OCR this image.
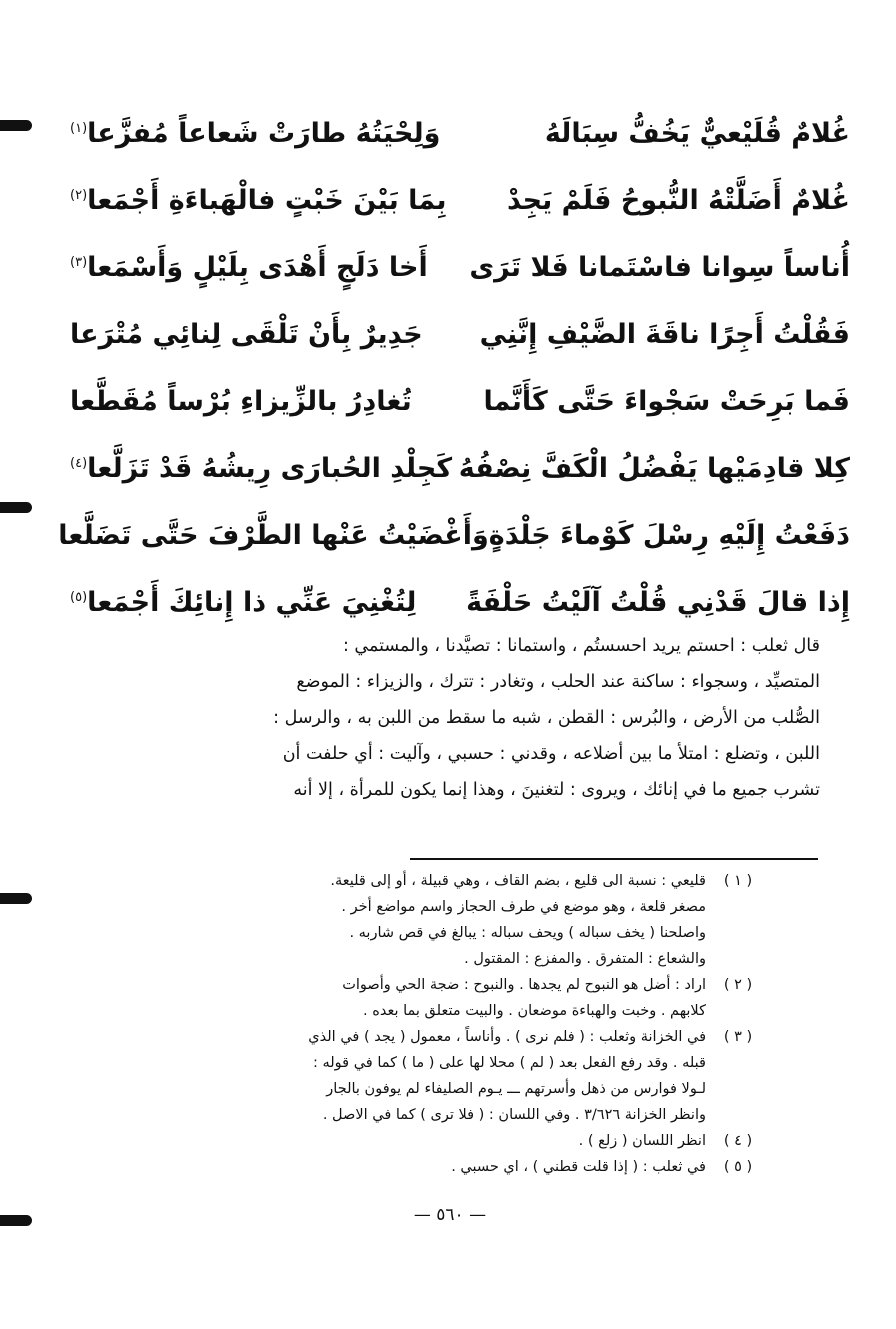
غُلامٌ قُلَيْعيٌّ يَخُفُّ سِبَالَهُ
وَلِحْيَتُهُ طارَتْ شَعاعاً مُفزَّعا$^{(١)}$
غُلامٌ أَضَلَّتْهُ النُّبوحُ فَلَمْ يَجِدْ
بِمَا بَيْنَ خَبْتٍ فالْهَباءَةِ أَجْمَعا$^{(٢)}$
أُناساً سِوانا فاسْتَمانا فَلا تَرَى
أَخا دَلَجٍ أَهْدَى بِلَيْلٍ وَأَسْمَعا$^{(٣)}$
فَقُلْتُ أَجِرًا ناقَةَ الضَّيْفِ إِنَّنِي
جَدِيرٌ بِأَنْ تَلْقَى لِنائِي مُتْرَعا
فَما بَرِحَتْ سَجْواءَ حَتَّى كَأَنَّما
تُغادِرُ بالزِّيزاءِ بُرْساً مُقَطَّعا
كِلا قادِمَيْها يَفْضُلُ الْكَفَّ نِصْفُهُ
كَجِلْدِ الحُبارَى رِيشُهُ قَدْ تَزَلَّعا$^{(٤)}$
دَفَعْتُ إِلَيْهِ رِسْلَ كَوْماءَ جَلْدَةٍ
وَأَغْضَيْتُ عَنْها الطَّرْفَ حَتَّى تَضَلَّعا
إِذا قالَ قَدْنِي قُلْتُ آلَيْتُ حَلْفَةً
لِتُغْنِيَ عَنِّي ذا إِنائِكَ أَجْمَعا$^{(٥)}$
قال ثعلب : احستم يريد احسستُم ، واستمانا : تصيَّدنا ، والمستمي :
المتصيِّد ، وسجواء : ساكنة عند الحلب ، وتغادر : تترك ، والزيزاء : الموضع
الصُّلب من الأرض ، والبُرس : القطن ، شبه ما سقط من اللبن به ، والرسل :
اللبن ، وتضلع : امتلأ ما بين أضلاعه ، وقدني : حسبي ، وآليت : أي حلفت أن
تشرب جميع ما في إنائك ، ويروى : لتغنينَ ، وهذا إنما يكون للمرأة ، إلا أنه
( ١ )
قليعي : نسبة الى قليع ، بضم القاف ، وهي قبيلة ، أو إلى قليعة.
مصغر قلعة ، وهو موضع في طرف الحجاز واسم مواضع أخر .
واصلحنا ( يخف سباله ) ويحف سباله : يبالغ في قص شاربه .
والشعاع : المتفرق . والمفزع : المقتول .
( ٢ )
اراد : أضل هو النبوح لم يجدها . والنبوح : ضجة الحي وأصوات
كلابهم . وخبت والهباءة موضعان . والبيت متعلق بما بعده .
( ٣ )
في الخزانة وثعلب : ( فلم نرى ) . وأناساً ، معمول ( يجد ) في الذي
قبله . وقد رفع الفعل بعد ( لم ) محلا لها على ( ما ) كما في قوله :
لـولا فوارس من ذهل وأسرتهم ـــ يـوم الصليفاء لم يوفون بالجار
وانظر الخزانة ٣/٦٢٦ . وفي اللسان : ( فلا ترى ) كما في الاصل .
( ٤ )
انظر اللسان ( زلع ) .
( ٥ )
في ثعلب : ( إذا قلت قطني ) ، اي حسبي .
— ٥٦٠ —
